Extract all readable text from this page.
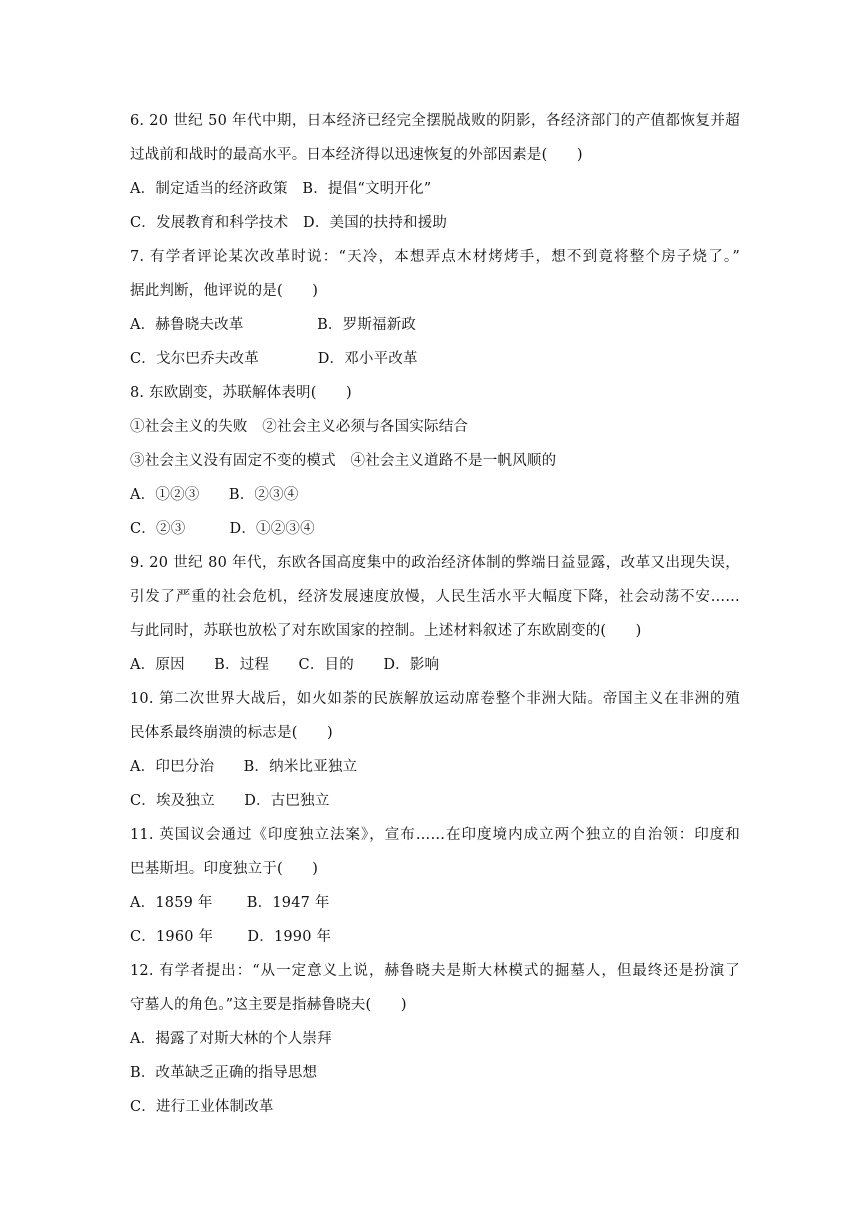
6. 20 世纪 50 年代中期，日本经济已经完全摆脱战败的阴影，各经济部门的产值都恢复并超
过战前和战时的最高水平。日本经济得以迅速恢复的外部因素是(　　)
A．制定适当的经济政策　B．提倡“文明开化”
C．发展教育和科学技术　D．美国的扶持和援助
7. 有学者评论某次改革时说：“天冷，本想弄点木材烤烤手，想不到竟将整个房子烧了。”
据此判断，他评说的是(　　)
A．赫鲁晓夫改革　　　　　B．罗斯福新政
C．戈尔巴乔夫改革　　　　D．邓小平改革
8. 东欧剧变，苏联解体表明(　　)
①社会主义的失败　②社会主义必须与各国实际结合
③社会主义没有固定不变的模式　④社会主义道路不是一帆风顺的
A．①②③　　B．②③④
C．②③　　　D．①②③④
9. 20 世纪 80 年代，东欧各国高度集中的政治经济体制的弊端日益显露，改革又出现失误，
引发了严重的社会危机，经济发展速度放慢，人民生活水平大幅度下降，社会动荡不安……
与此同时，苏联也放松了对东欧国家的控制。上述材料叙述了东欧剧变的(　　)
A．原因　　B．过程　　C．目的　　D．影响
10. 第二次世界大战后，如火如荼的民族解放运动席卷整个非洲大陆。帝国主义在非洲的殖
民体系最终崩溃的标志是(　　)
A．印巴分治　　B．纳米比亚独立
C．埃及独立　　D．古巴独立
11. 英国议会通过《印度独立法案》，宣布……在印度境内成立两个独立的自治领：印度和
巴基斯坦。印度独立于(　　)
A．1859 年　　 B．1947 年
C．1960 年　　 D．1990 年
12. 有学者提出：“从一定意义上说，赫鲁晓夫是斯大林模式的掘墓人，但最终还是扮演了
守墓人的角色。”这主要是指赫鲁晓夫(　　)
A．揭露了对斯大林的个人崇拜
B．改革缺乏正确的指导思想
C．进行工业体制改革
